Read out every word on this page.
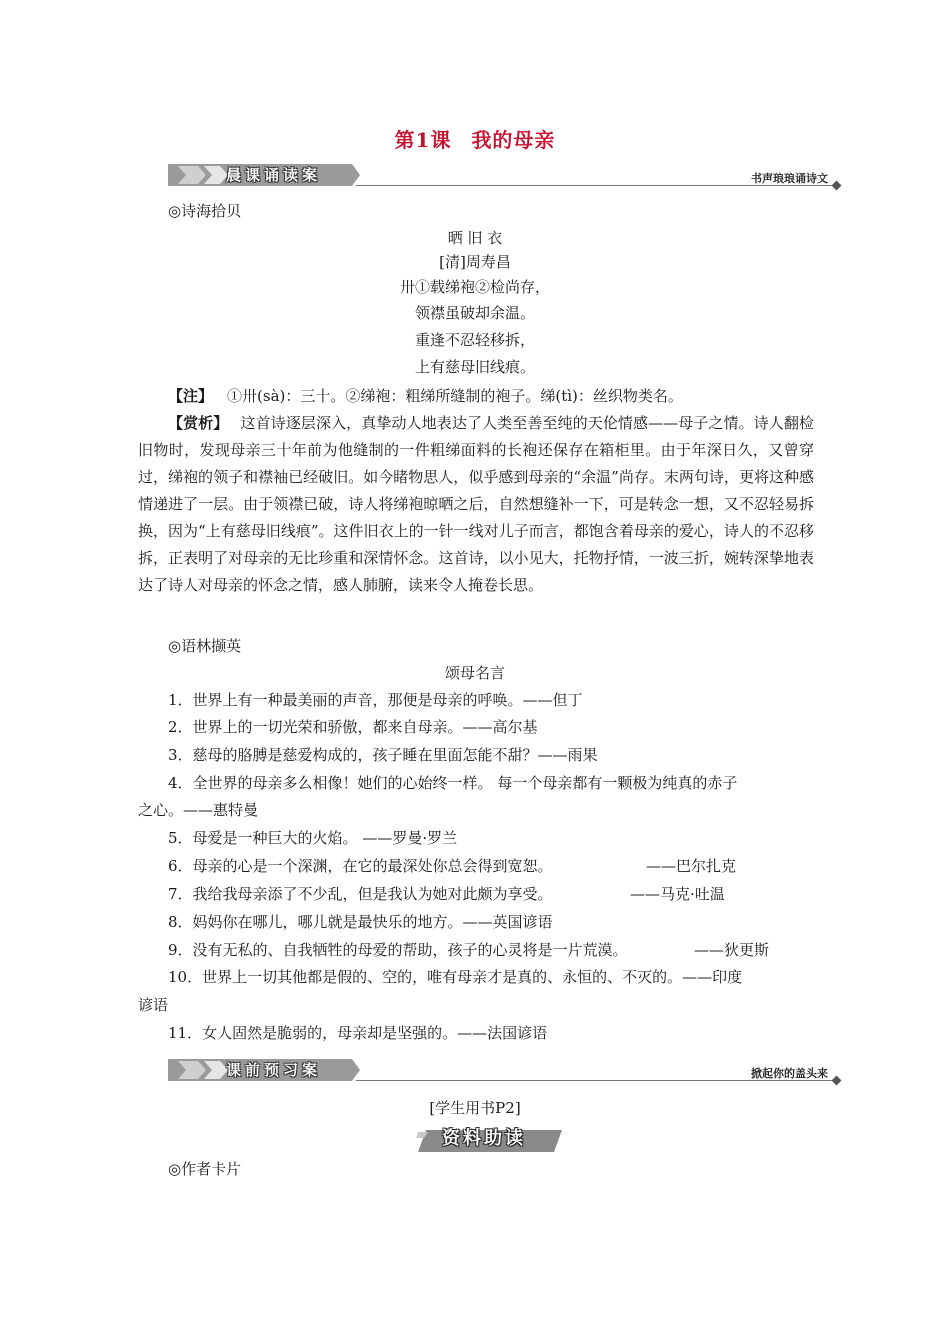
第1课 我的母亲
晨课诵读案	书声琅琅诵诗文
◎诗海拾贝
晒 旧 衣
[清]周寿昌
卅①载绨袍②检尚存，
领襟虽破却余温。
重逢不忍轻移拆，
上有慈母旧线痕。
【注】 ①卅(sà)：三十。②绨袍：粗绨所缝制的袍子。绨(tì)：丝织物类名。
【赏析】 这首诗逐层深入，真挚动人地表达了人类至善至纯的天伦情感——母子之情。诗人翻检旧物时，发现母亲三十年前为他缝制的一件粗绨面料的长袍还保存在箱柜里。由于年深日久，又曾穿过，绨袍的领子和襟袖已经破旧。如今睹物思人，似乎感到母亲的“余温”尚存。末两句诗，更将这种感情递进了一层。由于领襟已破，诗人将绨袍晾晒之后，自然想缝补一下，可是转念一想，又不忍轻易拆换，因为“上有慈母旧线痕”。这件旧衣上的一针一线对儿子而言，都饱含着母亲的爱心，诗人的不忍移拆，正表明了对母亲的无比珍重和深情怀念。这首诗，以小见大，托物抒情，一波三折，婉转深挚地表达了诗人对母亲的怀念之情，感人肺腑，读来令人掩卷长思。
◎语林撷英
颂母名言
1．世界上有一种最美丽的声音，那便是母亲的呼唤。——但丁
2．世界上的一切光荣和骄傲，都来自母亲。——高尔基
3．慈母的胳膊是慈爱构成的，孩子睡在里面怎能不甜？——雨果
4．全世界的母亲多么相像！她们的心始终一样。 每一个母亲都有一颗极为纯真的赤子
之心。——惠特曼
5．母爱是一种巨大的火焰。 ——罗曼·罗兰
6．母亲的心是一个深渊，在它的最深处你总会得到宽恕。	——巴尔扎克
7．我给我母亲添了不少乱，但是我认为她对此颇为享受。	——马克·吐温
8．妈妈你在哪儿，哪儿就是最快乐的地方。——英国谚语
9．没有无私的、自我牺牲的母爱的帮助，孩子的心灵将是一片荒漠。	——狄更斯
10．世界上一切其他都是假的、空的，唯有母亲才是真的、永恒的、不灭的。——印度
谚语
11．女人固然是脆弱的，母亲却是坚强的。——法国谚语
课前预习案	掀起你的盖头来
[学生用书P2]
资料助读
◎作者卡片
